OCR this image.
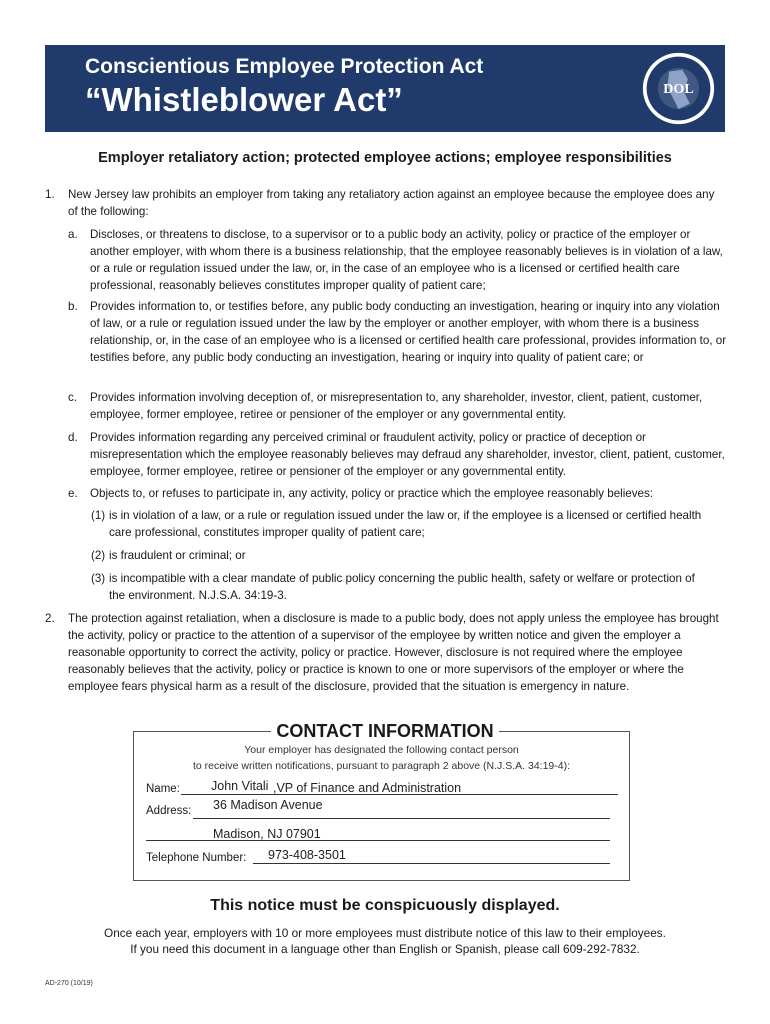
Conscientious Employee Protection Act
“Whistleblower Act”	DOL
Employer retaliatory action; protected employee actions; employee responsibilities
1. New Jersey law prohibits an employer from taking any retaliatory action against an employee because the employee does any of the following:
a. Discloses, or threatens to disclose, to a supervisor or to a public body an activity, policy or practice of the employer or another employer, with whom there is a business relationship, that the employee reasonably believes is in violation of a law, or a rule or regulation issued under the law, or, in the case of an employee who is a licensed or certified health care professional, reasonably believes constitutes improper quality of patient care;
b. Provides information to, or testifies before, any public body conducting an investigation, hearing or inquiry into any violation of law, or a rule or regulation issued under the law by the employer or another employer, with whom there is a business relationship, or, in the case of an employee who is a licensed or certified health care professional, provides information to, or testifies before, any public body conducting an investigation, hearing or inquiry into quality of patient care; or
c. Provides information involving deception of, or misrepresentation to, any shareholder, investor, client, patient, customer, employee, former employee, retiree or pensioner of the employer or any governmental entity.
d. Provides information regarding any perceived criminal or fraudulent activity, policy or practice of deception or misrepresentation which the employee reasonably believes may defraud any shareholder, investor, client, patient, customer, employee, former employee, retiree or pensioner of the employer or any governmental entity.
e. Objects to, or refuses to participate in, any activity, policy or practice which the employee reasonably believes:
(1) is in violation of a law, or a rule or regulation issued under the law or, if the employee is a licensed or certified health care professional, constitutes improper quality of patient care;
(2) is fraudulent or criminal; or
(3) is incompatible with a clear mandate of public policy concerning the public health, safety or welfare or protection of the environment. N.J.S.A. 34:19-3.
2. The protection against retaliation, when a disclosure is made to a public body, does not apply unless the employee has brought the activity, policy or practice to the attention of a supervisor of the employee by written notice and given the employer a reasonable opportunity to correct the activity, policy or practice. However, disclosure is not required where the employee reasonably believes that the activity, policy or practice is known to one or more supervisors of the employer or where the employee fears physical harm as a result of the disclosure, provided that the situation is emergency in nature.
CONTACT INFORMATION
Your employer has designated the following contact person
to receive written notifications, pursuant to paragraph 2 above (N.J.S.A. 34:19-4):
Name: John Vitali ,VP of Finance and Administration
Address: 36 Madison Avenue
Madison, NJ 07901
Telephone Number: 973-408-3501
This notice must be conspicuously displayed.
Once each year, employers with 10 or more employees must distribute notice of this law to their employees.
If you need this document in a language other than English or Spanish, please call 609-292-7832.
AD-270 (10/19)
